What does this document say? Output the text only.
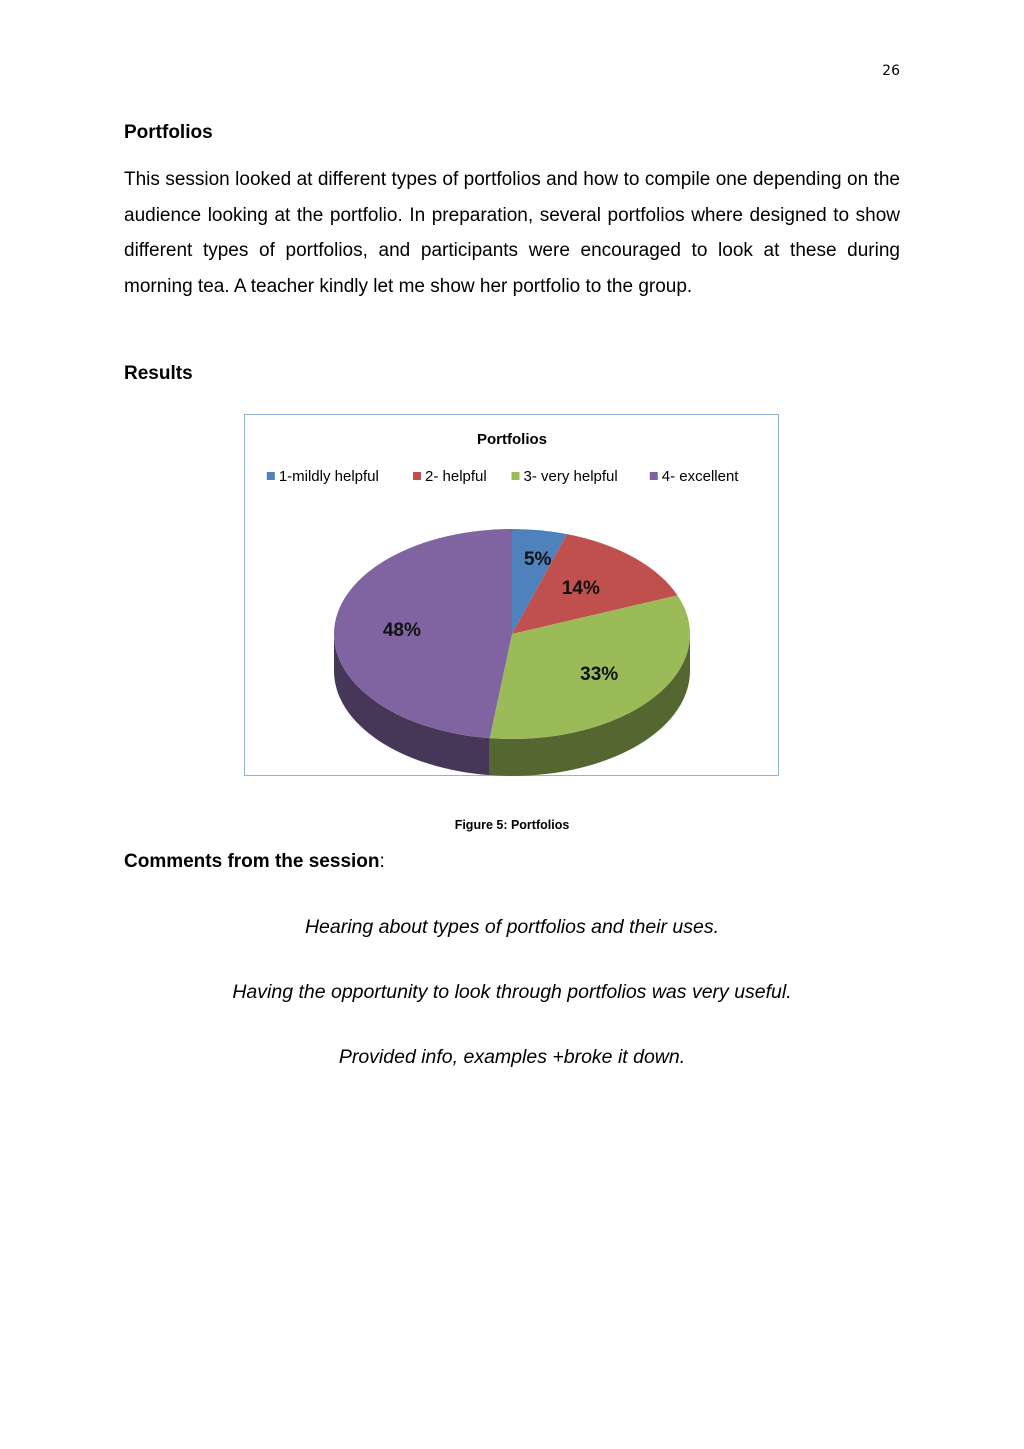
26
Portfolios
This session looked at different types of portfolios and how to compile one depending on the audience looking at the portfolio. In preparation, several portfolios where designed to show different types of portfolios, and participants were encouraged to look at these during morning tea. A teacher kindly let me show her portfolio to the group.
Results
Portfolios
1-mildly helpful	2- helpful 3- very helpful	4- excellent
5%
14%
33%
48%
Figure 5: Portfolios
Comments from the session:
Hearing about types of portfolios and their uses.
Having the opportunity to look through portfolios was very useful.
Provided info, examples +broke it down.
